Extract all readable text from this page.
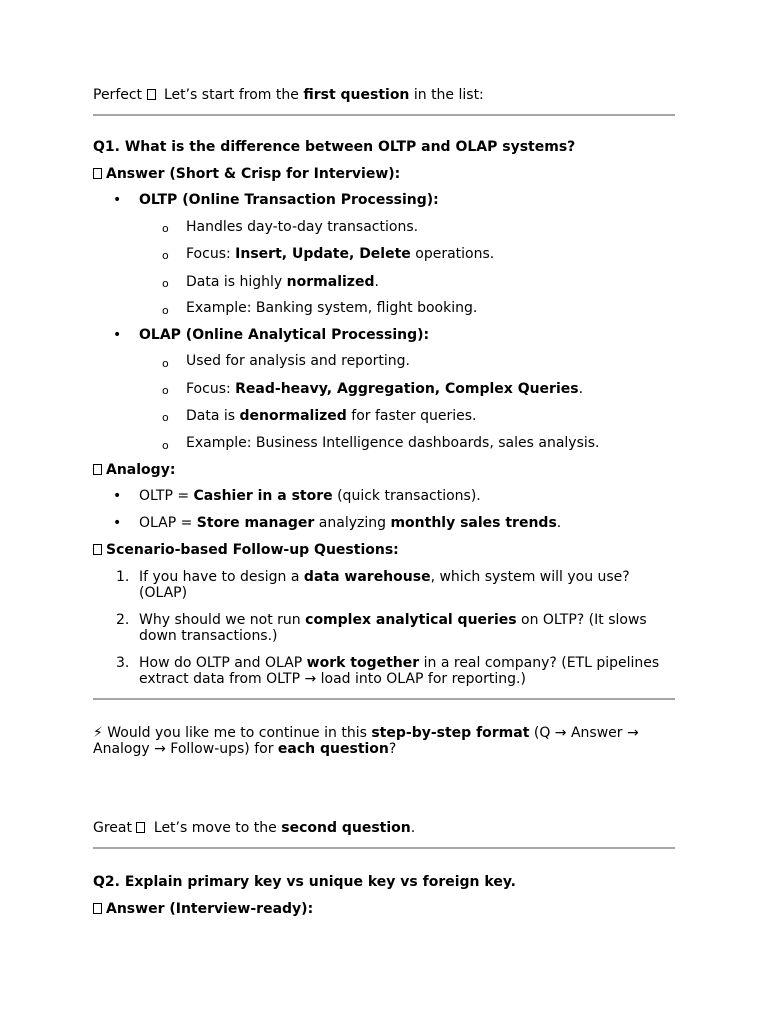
Perfect  Let’s start from the first question in the list:
Q1. What is the difference between OLTP and OLAP systems?
Answer (Short & Crisp for Interview):
• OLTP (Online Transaction Processing):
o Handles day-to-day transactions.
o Focus: Insert, Update, Delete operations.
o Data is highly normalized.
o Example: Banking system, flight booking.
• OLAP (Online Analytical Processing):
o Used for analysis and reporting.
o Focus: Read-heavy, Aggregation, Complex Queries.
o Data is denormalized for faster queries.
o Example: Business Intelligence dashboards, sales analysis.
Analogy:
• OLTP = Cashier in a store (quick transactions).
• OLAP = Store manager analyzing monthly sales trends.
Scenario-based Follow-up Questions:
1. If you have to design a data warehouse, which system will you use? (OLAP)
2. Why should we not run complex analytical queries on OLTP? (It slows down transactions.)
3. How do OLTP and OLAP work together in a real company? (ETL pipelines extract data from OLTP → load into OLAP for reporting.)
⚡ Would you like me to continue in this step-by-step format (Q → Answer → Analogy → Follow-ups) for each question?
Great  Let’s move to the second question.
Q2. Explain primary key vs unique key vs foreign key.
Answer (Interview-ready):
